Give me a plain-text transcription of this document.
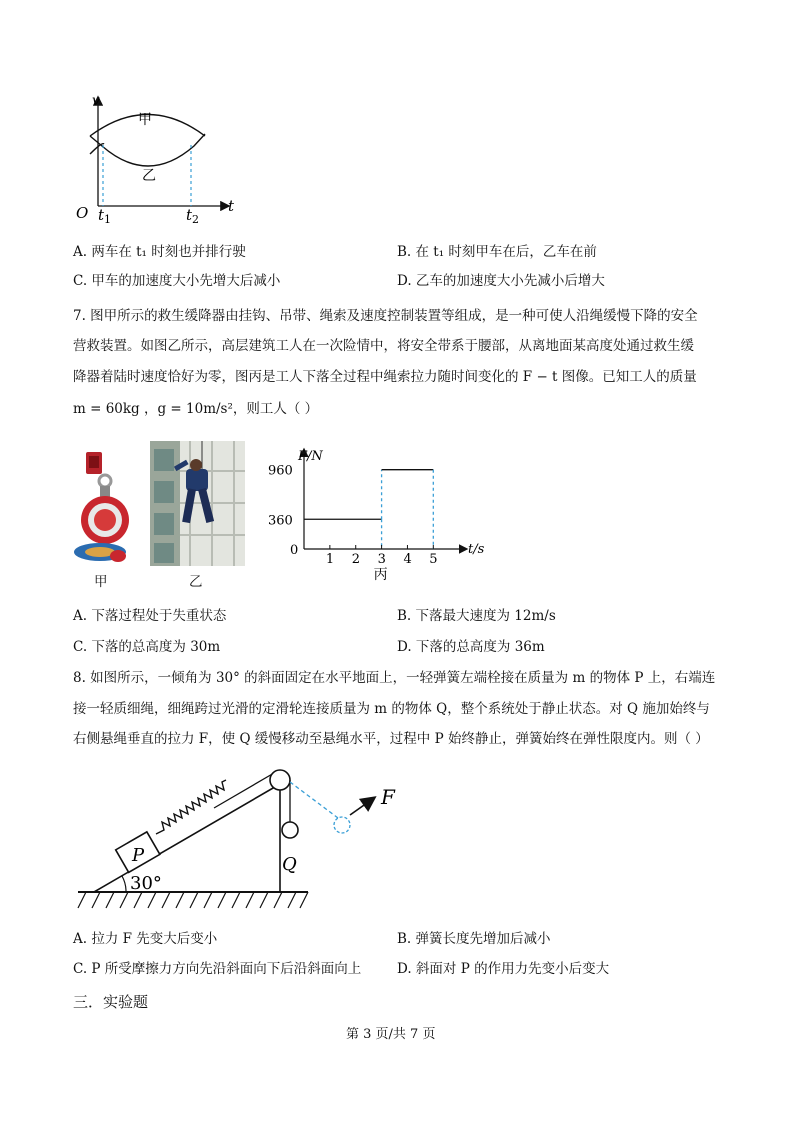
v
t
O $t_1$	$t_2$
甲
乙
A. 两车在 t₁ 时刻也并排行驶	B. 在 t₁ 时刻甲车在后，乙车在前
C. 甲车的加速度大小先增大后减小	D. 乙车的加速度大小先减小后增大
7. 图甲所示的救生缓降器由挂钩、吊带、绳索及速度控制装置等组成，是一种可使人沿绳缓慢下降的安全
营救装置。如图乙所示，高层建筑工人在一次险情中，将安全带系于腰部，从离地面某高度处通过救生缓
降器着陆时速度恰好为零，图丙是工人下落全过程中绳索拉力随时间变化的 F − t 图像。已知工人的质量
m = 60kg ，g = 10m/s²，则工人（ ）
甲	乙
1 2 3 4 5
360
960
0
F/N
t/s
丙
A. 下落过程处于失重状态	B. 下落最大速度为 12m/s
C. 下落的总高度为 30m	D. 下落的总高度为 36m
8. 如图所示，一倾角为 30° 的斜面固定在水平地面上，一轻弹簧左端栓接在质量为 m 的物体 P 上，右端连
接一轻质细绳，细绳跨过光滑的定滑轮连接质量为 m 的物体 Q，整个系统处于静止状态。对 Q 施加始终与
右侧悬绳垂直的拉力 F，使 Q 缓慢移动至悬绳水平，过程中 P 始终静止，弹簧始终在弹性限度内。则（ ）
P	Q
F
30°
A. 拉力 F 先变大后变小	B. 弹簧长度先增加后减小
C. P 所受摩擦力方向先沿斜面向下后沿斜面向上	D. 斜面对 P 的作用力先变小后变大
三．实验题
第 3 页/共 7 页
